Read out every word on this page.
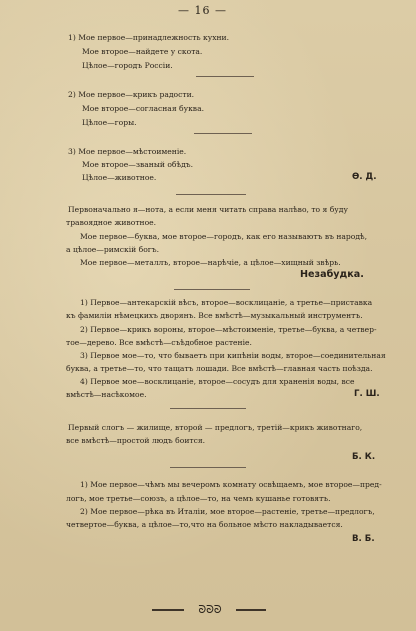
— 16 —
1) Мое первое—принадлежность кухни.
Мое второе—найдете у скота.
Цѣлое—городъ Россіи.
2) Мое первое—крикъ радости.
Мое второе—согласная буква.
Цѣлое—горы.
3) Мое первое—мѣстоименіе.
Мое второе—званый обѣдъ.
Цѣлое—животное.	Ѳ. Д.
Первоначально я—нота, а если меня читать справа налѣво, то я буду
травоядное животное.
Мое первое—буква, мое второе—городъ, как его называютъ въ народѣ,
а цѣлое—римскій богъ.
Мое первое—металлъ, второе—нарѣчіе, а цѣлое—хищный звѣрь.
Незабудка.
1) Первое—антекарскій вѣсъ, второе—восклицаніе, а третье—приставка
къ фамиліи нѣмецкихъ дворянъ. Все вмѣстѣ—музыкальный инструментъ.
2) Первое—крикъ вороны, второе—мѣстоименіе, третье—буква, а четвер-
тое—дерево. Все вмѣстѣ—съѣдобное растеніе.
3) Первое мое—то, что бываетъ при кипѣніи воды, второе—соединительная
буква, а третье—то, что тащатъ лошади. Все вмѣстѣ—главная часть поѣзда.
4) Первое мое—восклицаніе, второе—сосудъ для храненія воды, все
вмѣстѣ—насѣкомое.	Г. Ш.
Первый слогъ — жилище, второй — предлогъ, третій—крикъ животнаго,
все вмѣстѣ—простой людъ боится.
Б. К.
1) Мое первое—чѣмъ мы вечеромъ комнату освѣщаемъ, мое второе—пред-
логъ, мое третье—союзъ, а цѣлое—то, на чемъ кушанье готовятъ.
2) Мое первое—рѣка въ Италіи, мое второе—растеніе, третье—предлогъ,
четвертое—буква, а цѣлое—то,что на больное мѣсто накладывается.
В. Б.
ᘐᘐᘐ
